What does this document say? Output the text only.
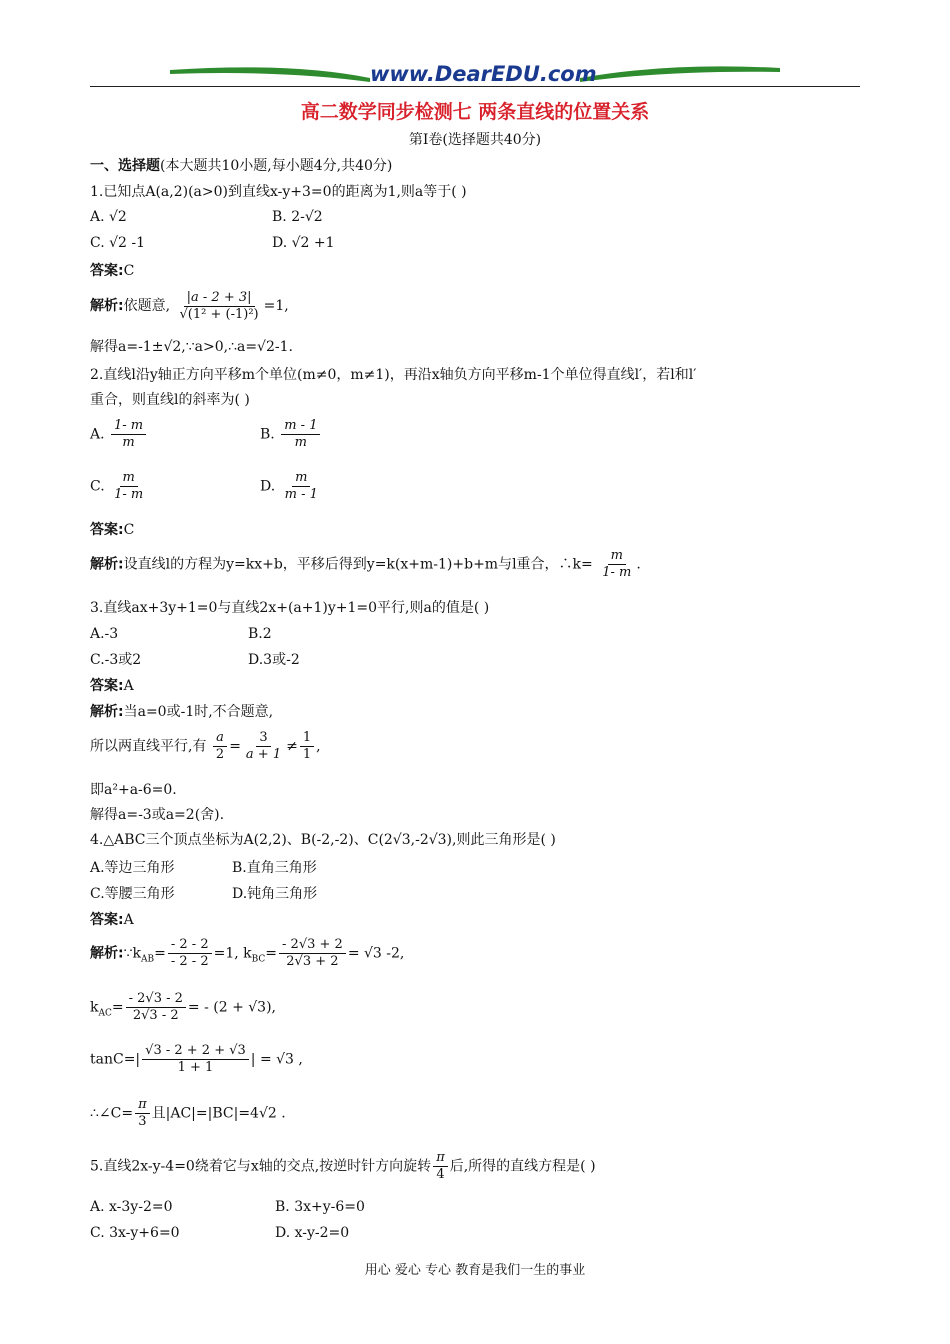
www.DearEDU.com
高二数学同步检测七 两条直线的位置关系
第Ⅰ卷(选择题共40分)
一、选择题(本大题共10小题,每小题4分,共40分)
1.已知点A(a,2)(a>0)到直线x-y+3=0的距离为1,则a等于( )
A. √2	B. 2-√2
C. √2 -1	D. √2 +1
答案:C
解析:依题意, $\frac{|a - 2 + 3|}{\text{√(1² + (-1)²)}} =1$,
解得a=-1±√2,∵a>0,∴a=√2-1.
2.直线l沿y轴正方向平移m个单位(m≠0，m≠1)，再沿x轴负方向平移m-1个单位得直线l′，若l和l′
重合，则直线l的斜率为( )
A. $\frac{1- m}{m}$	B. $\frac{m - 1}{m}$
C. $\frac{m}{1- m}$	D. $\frac{m}{m - 1}$
答案:C
解析:设直线l的方程为y=kx+b，平移后得到y=k(x+m-1)+b+m与l重合，∴k= $\frac{m}{1- m}$ .
3.直线ax+3y+1=0与直线2x+(a+1)y+1=0平行,则a的值是( )
A.-3	B.2
C.-3或2	D.3或-2
答案:A
解析:当a=0或-1时,不合题意,
所以两直线平行,有 $\frac{a}{2} = \frac{3}{a + 1} \ne \frac{1}{1}$ ,
即a²+a-6=0.
解得a=-3或a=2(舍).
4.△ABC三个顶点坐标为A(2,2)、B(-2,-2)、C(2√3,-2√3),则此三角形是( )
A.等边三角形	B.直角三角形
C.等腰三角形	D.钝角三角形
答案:A
解析$:\because k_{AB}= \frac{- 2 - 2}{- 2 - 2} =1$, $k_{BC}= \frac{- 2√3 + 2}{2√3 + 2} = √3$ -2,
$k_{AC}= \frac{- 2√3 - 2}{2√3 - 2}$ = - (2 + √3),
$\tan C=| \frac{√3 - 2 + 2 + √3}{1 + 1}$ | = √3 ,
∴∠C= $\frac{\pi}{3}$ 且|AC|=|BC|=4√2 .
5.直线2x-y-4=0绕着它与x轴的交点,按逆时针方向旋转 $\frac{\pi}{4}$ 后,所得的直线方程是( )
A. x-3y-2=0	B. 3x+y-6=0
C. 3x-y+6=0	D. x-y-2=0
用心 爱心 专心 教育是我们一生的事业
